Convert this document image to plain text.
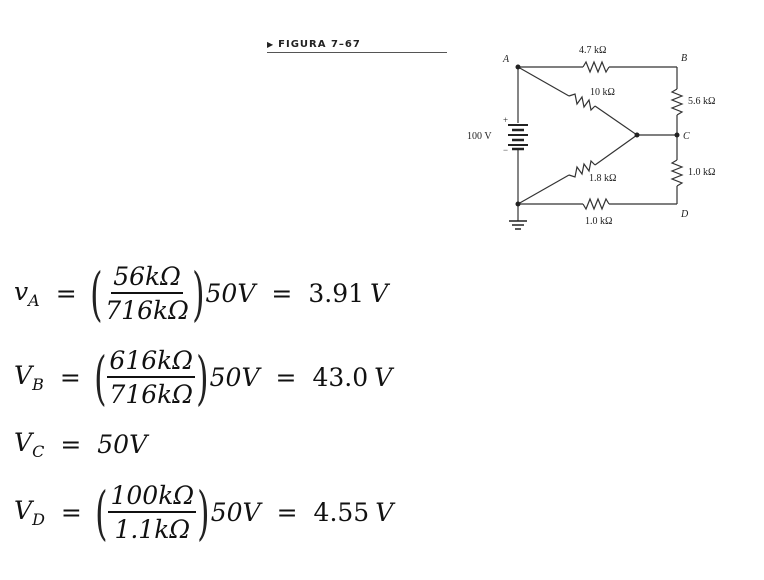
▶ FIGURA 7–67
A	B
C
D
4.7 kΩ
10 kΩ
5.6 kΩ
1.0 kΩ
1.8 kΩ
1.0 kΩ
100 V
+
−
$v_A$ = ( $\frac{56k\Omega}{716k\Omega}$ ) 50V = 3.91 V
$V_B$ = ( $\frac{616k\Omega}{716k\Omega}$ ) 50V = 43.0 V
$V_C = 50V$
$V_D$ = ( $\frac{100k\Omega}{1.1k\Omega}$ ) 50V = 4.55 V
